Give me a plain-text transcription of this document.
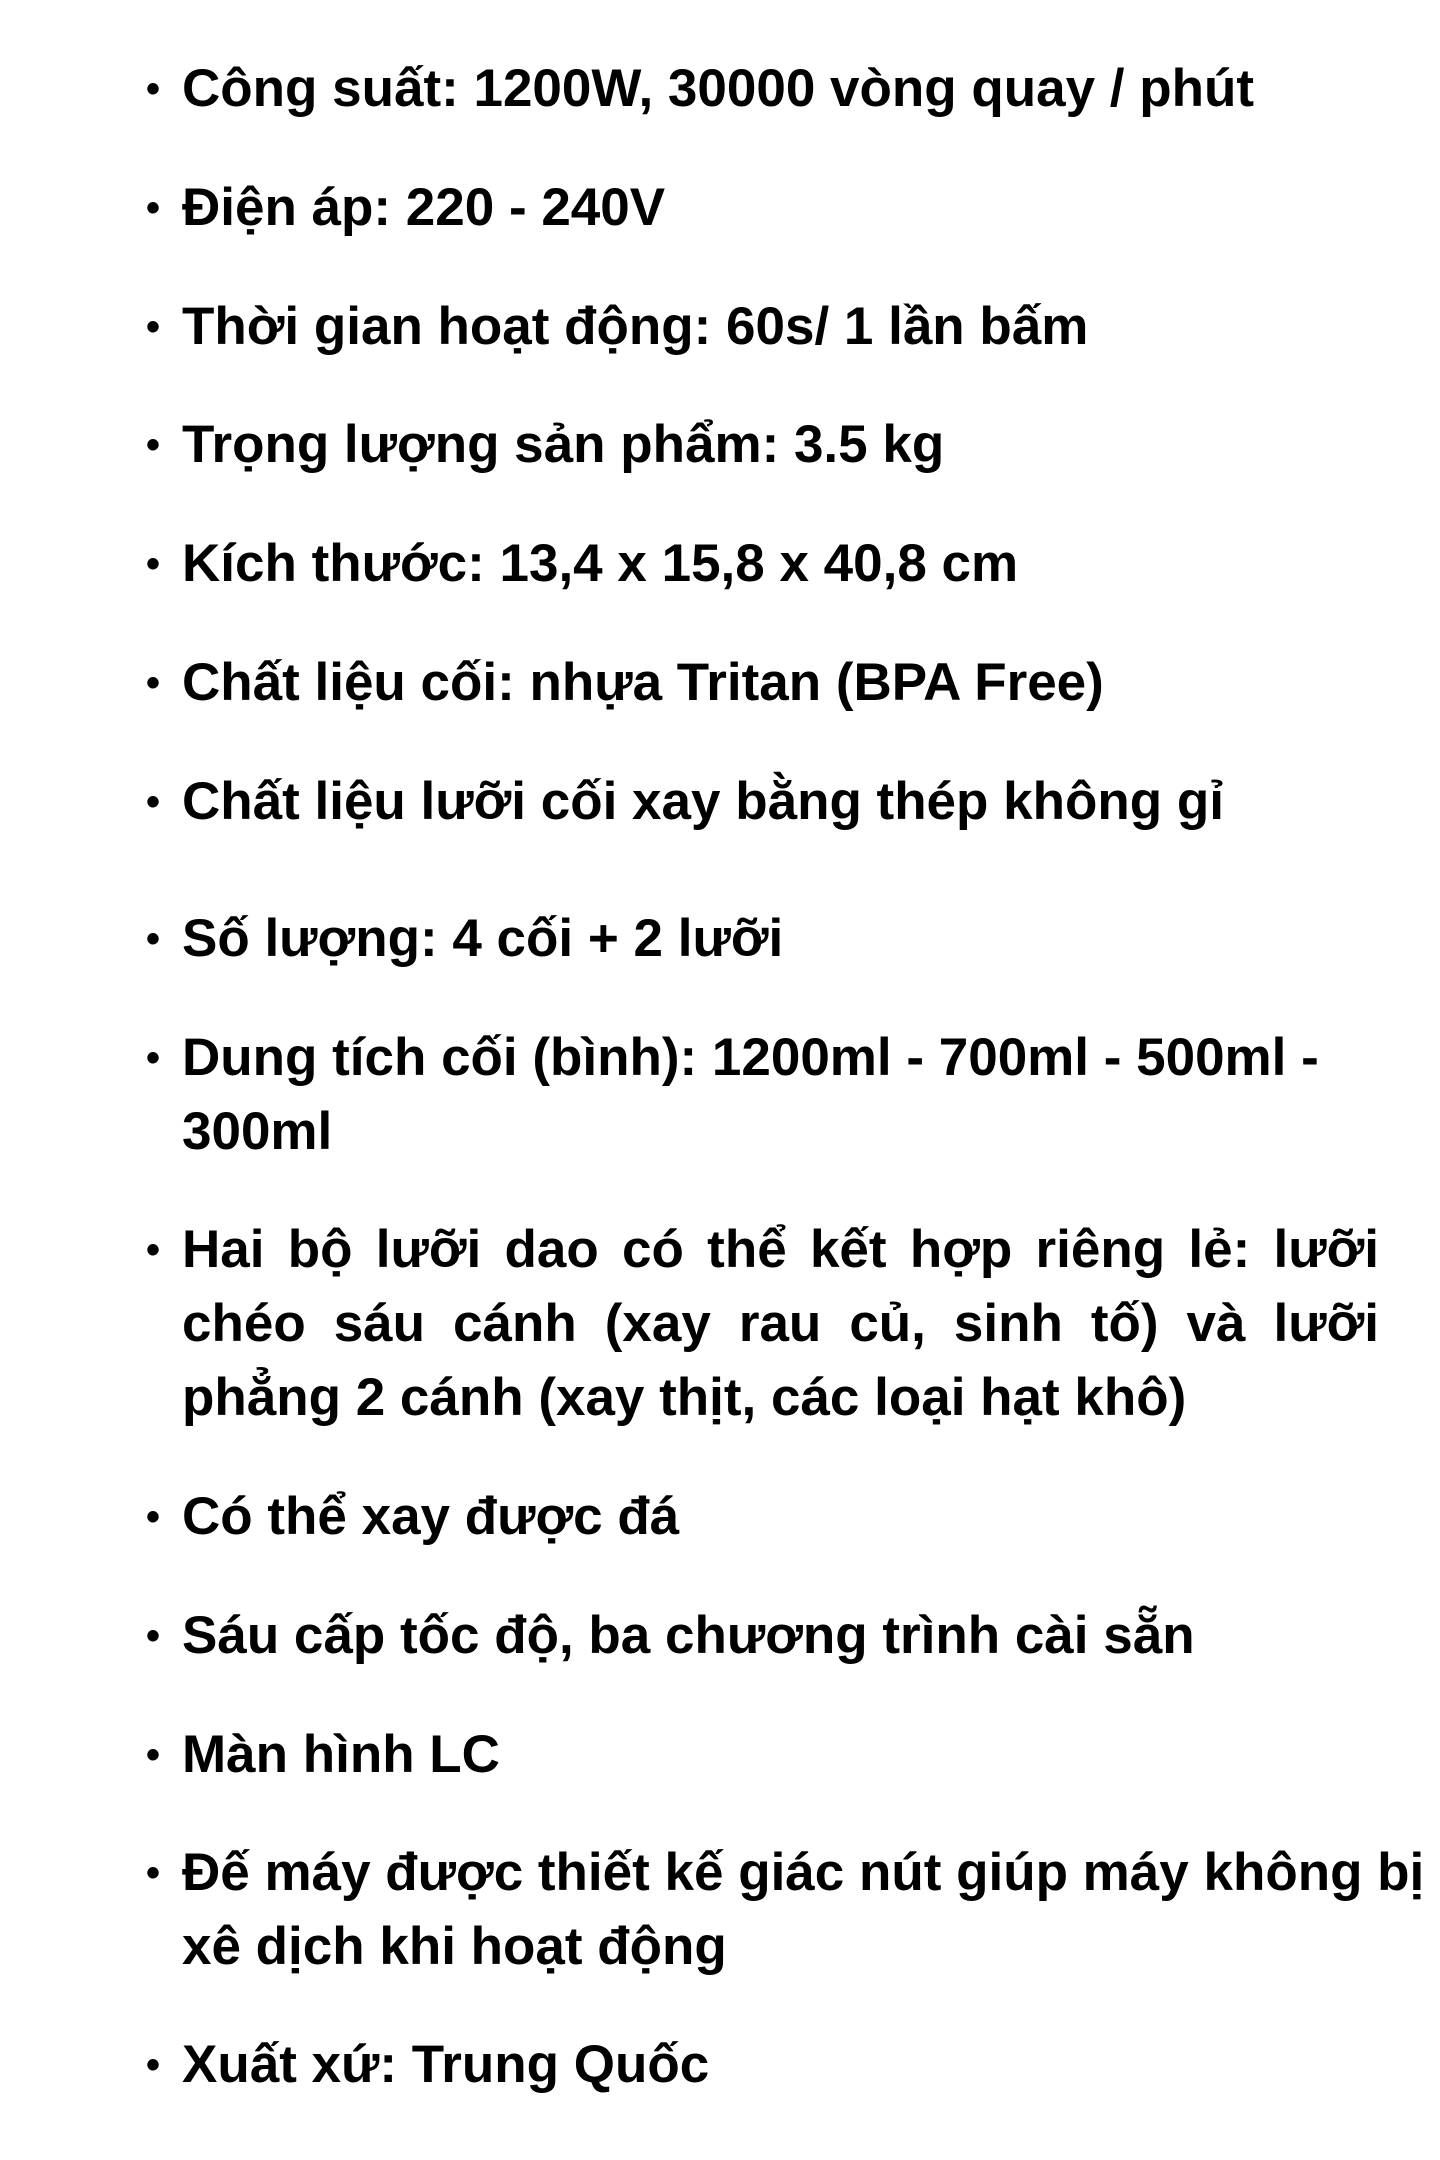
• Công suất: 1200W, 30000 vòng quay / phút
• Điện áp: 220 - 240V
• Thời gian hoạt động: 60s/ 1 lần bấm
• Trọng lượng sản phẩm: 3.5 kg
• Kích thước: 13,4 x 15,8 x 40,8 cm
• Chất liệu cối: nhựa Tritan (BPA Free)
• Chất liệu lưỡi cối xay bằng thép không gỉ
• Số lượng: 4 cối + 2 lưỡi
• Dung tích cối (bình): 1200ml - 700ml - 500ml - 300ml
• Hai bộ lưỡi dao có thể kết hợp riêng lẻ: lưỡi chéo sáu cánh (xay rau củ, sinh tố) và lưỡi phẳng 2 cánh (xay thịt, các loại hạt khô)
• Có thể xay được đá
• Sáu cấp tốc độ, ba chương trình cài sẵn
• Màn hình LC
• Đế máy được thiết kế giác nút giúp máy không bị xê dịch khi hoạt động
• Xuất xứ: Trung Quốc
